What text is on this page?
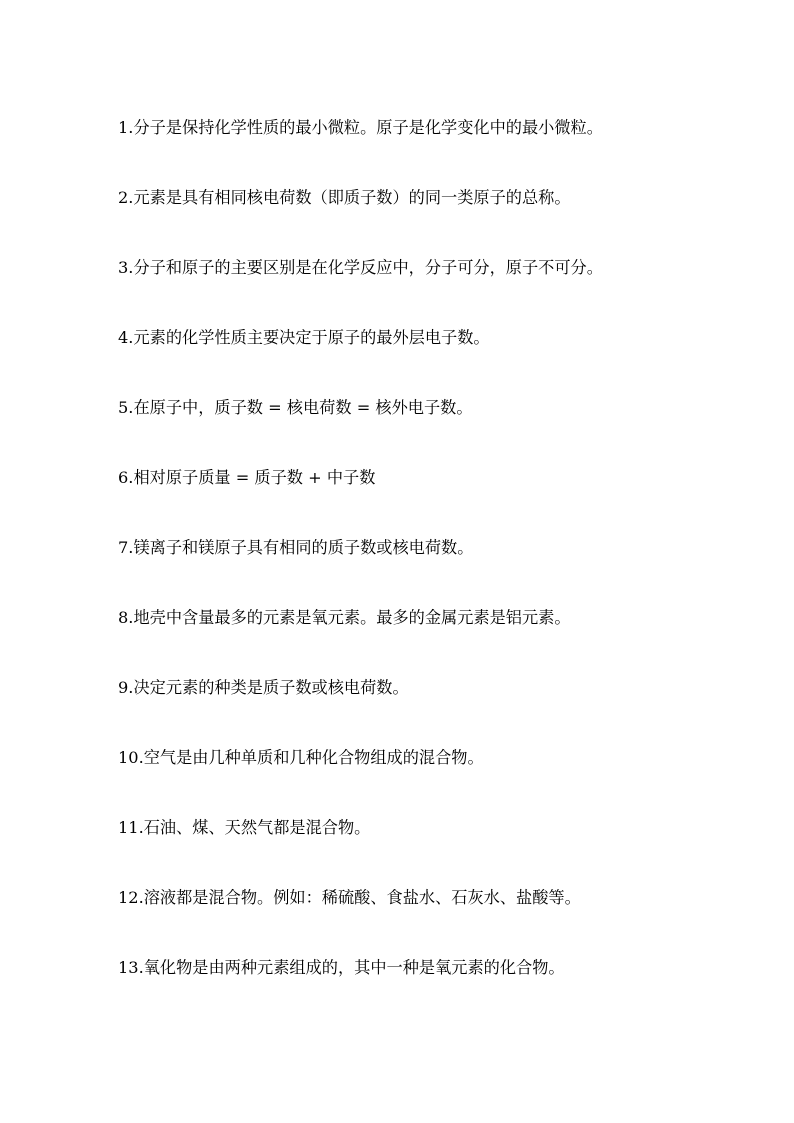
1.分子是保持化学性质的最小微粒。原子是化学变化中的最小微粒。
2.元素是具有相同核电荷数（即质子数）的同一类原子的总称。
3.分子和原子的主要区别是在化学反应中，分子可分，原子不可分。
4.元素的化学性质主要决定于原子的最外层电子数。
5.在原子中，质子数 = 核电荷数 = 核外电子数。
6.相对原子质量 = 质子数 + 中子数
7.镁离子和镁原子具有相同的质子数或核电荷数。
8.地壳中含量最多的元素是氧元素。最多的金属元素是铝元素。
9.决定元素的种类是质子数或核电荷数。
10.空气是由几种单质和几种化合物组成的混合物。
11.石油、煤、天然气都是混合物。
12.溶液都是混合物。例如：稀硫酸、食盐水、石灰水、盐酸等。
13.氧化物是由两种元素组成的，其中一种是氧元素的化合物。
